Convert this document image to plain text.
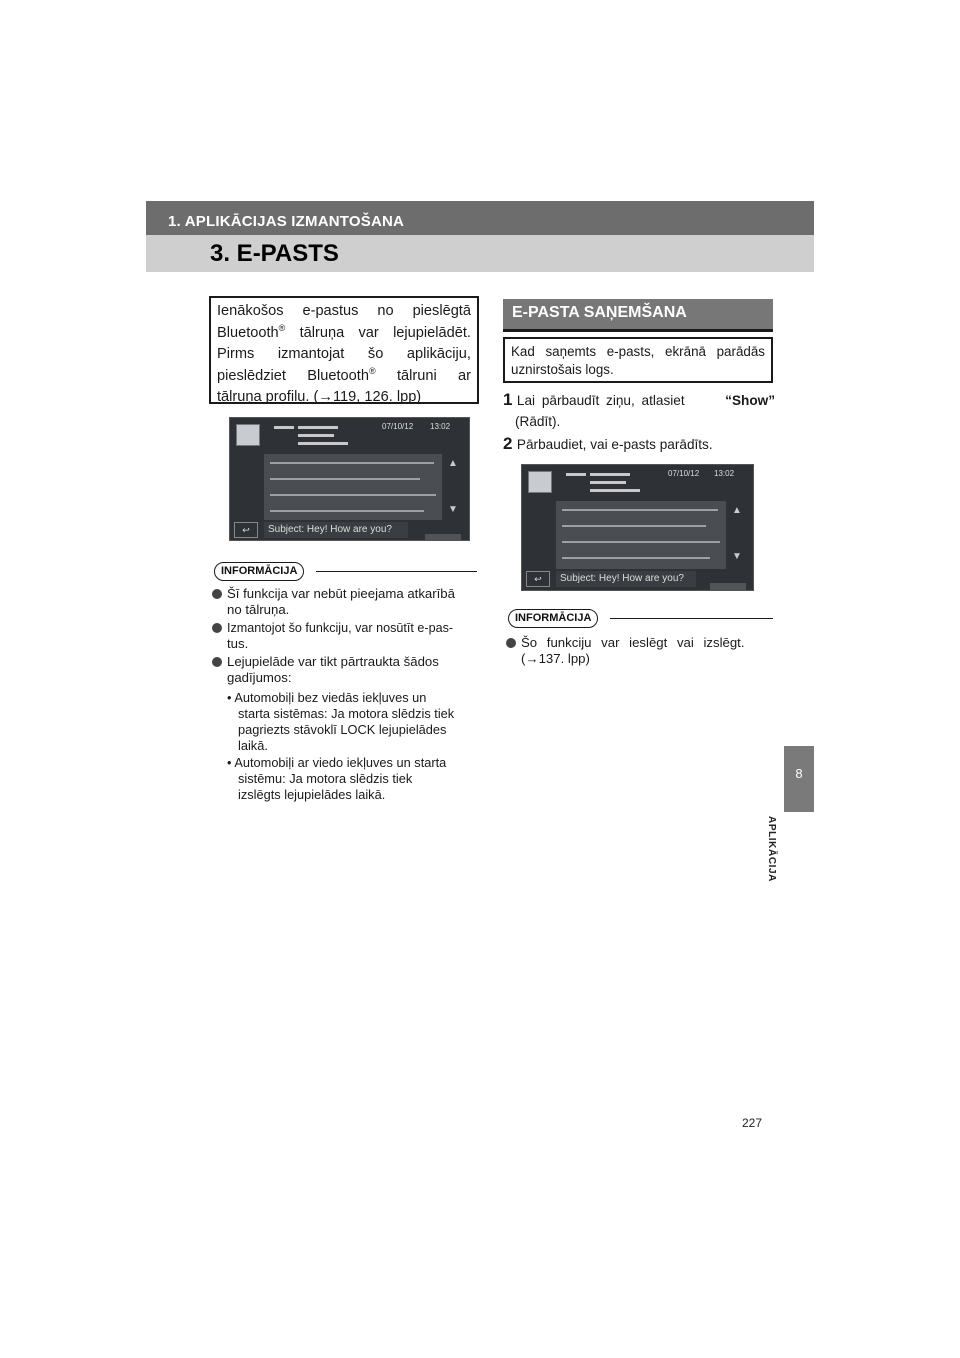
1. APLIKĀCIJAS IZMANTOŠANA
3. E-PASTS
8
APLIKĀCIJA
Ienākošos e-pastus no pieslēgtā
Bluetooth® tālruņa var lejupielādēt.
Pirms izmantojat šo aplikāciju,
pieslēdziet Bluetooth® tālruni ar
tālruņa profilu. (→119, 126. lpp)
07/10/12 13:02
▲
▼
↩	Subject: Hey! How are you?
INFORMĀCIJA
Šī funkcija var nebūt pieejama atkarībā
no tālruņa.
Izmantojot šo funkciju, var nosūtīt e-pas-
tus.
Lejupielāde var tikt pārtraukta šādos
gadījumos:
• Automobiļi bez viedās iekļuves un
starta sistēmas: Ja motora slēdzis tiek
pagriezts stāvoklī LOCK lejupielādes
laikā.
• Automobiļi ar viedo iekļuves un starta
sistēmu: Ja motora slēdzis tiek
izslēgts lejupielādes laikā.
E-PASTA SAŅEMŠANA
Kad saņemts e-pasts, ekrānā parādās
uznirstošais logs.
1 Lai pārbaudīt ziņu, atlasiet	“Show”
(Rādīt).
2 Pārbaudiet, vai e-pasts parādīts.
07/10/12 13:02
▲
▼
↩	Subject: Hey! How are you?
INFORMĀCIJA
Šo funkciju var ieslēgt vai izslēgt.
(→137. lpp)
227
